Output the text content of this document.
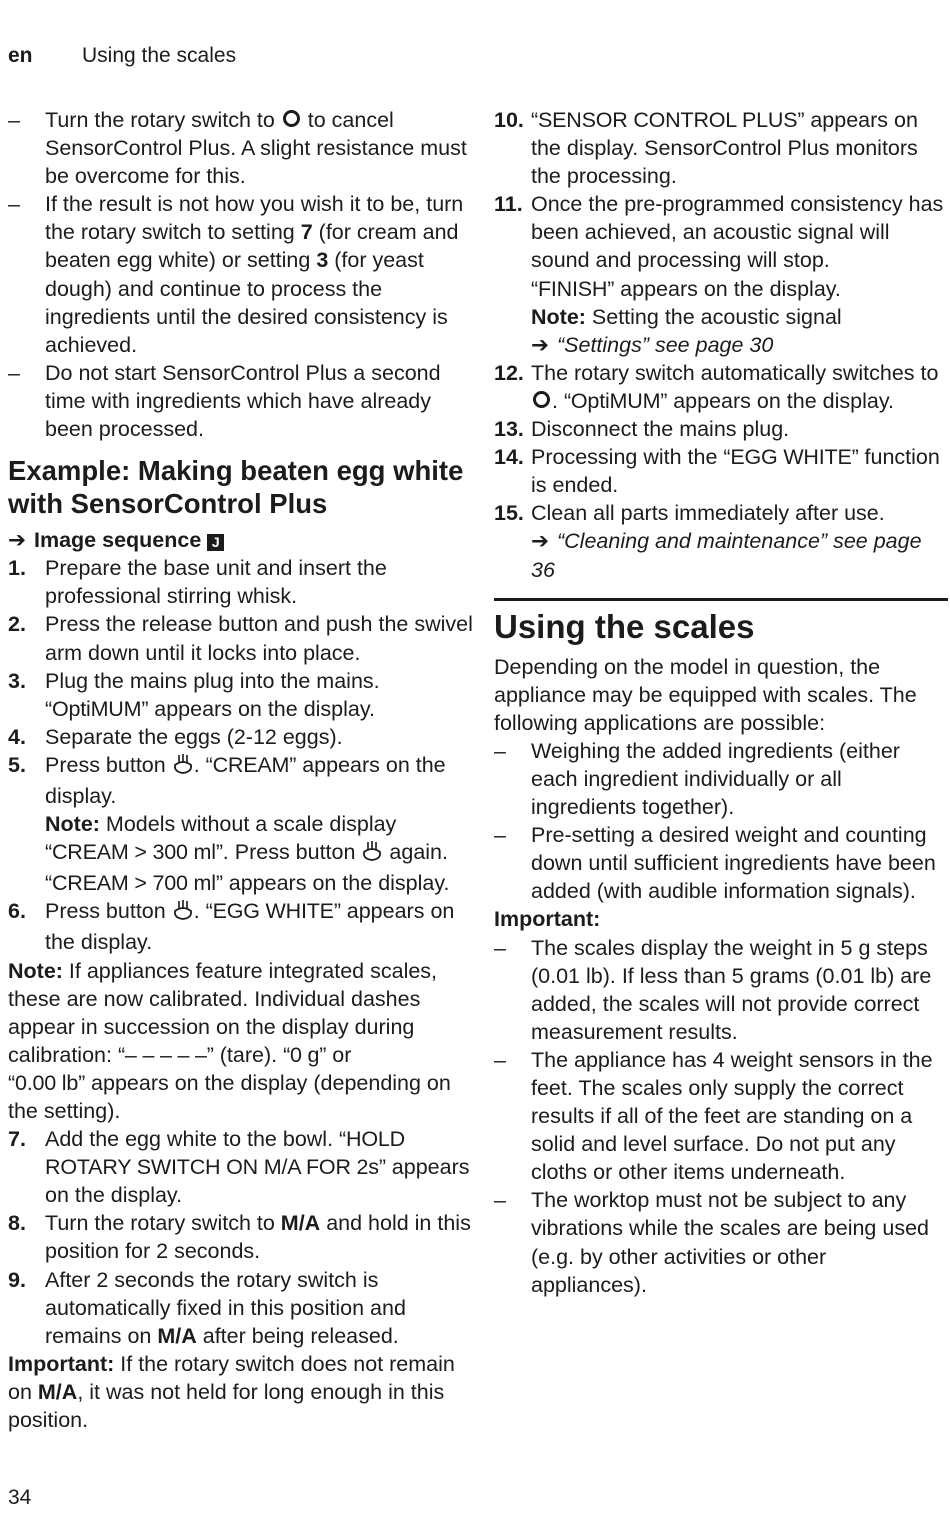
en Using the scales
– Turn the rotary switch to  to cancel SensorControl Plus. A slight resistance must be overcome for this.
– If the result is not how you wish it to be, turn the rotary switch to setting 7 (for cream and beaten egg white) or setting 3 (for yeast dough) and continue to process the ingredients until the desired consistency is achieved.
– Do not start SensorControl Plus a second time with ingredients which have already been processed.
Example: Making beaten egg white with SensorControl Plus
➔ Image sequence J
1. Prepare the base unit and insert the professional stirring whisk.
2. Press the release button and push the swivel arm down until it locks into place.
3. Plug the mains plug into the mains.
“OptiMUM” appears on the display.
4. Separate the eggs (2-12 eggs).
5. Press button . “CREAM” appears on the display.
Note: Models without a scale display “CREAM > 300 ml”. Press button  again. “CREAM > 700 ml” appears on the display.
6. Press button . “EGG WHITE” appears on the display.
Note: If appliances feature integrated scales, these are now calibrated. Individual dashes appear in succession on the display during calibration: “– – – – –” (tare). “0 g” or
“0.00 lb” appears on the display (depending on the setting).
7. Add the egg white to the bowl. “HOLD ROTARY SWITCH ON M/A FOR 2s” appears on the display.
8. Turn the rotary switch to M/A and hold in this position for 2 seconds.
9. After 2 seconds the rotary switch is automatically fixed in this position and remains on M/A after being released.
Important: If the rotary switch does not remain on M/A, it was not held for long enough in this position.
10. “SENSOR CONTROL PLUS” appears on the display. SensorControl Plus monitors the processing.
11. Once the pre-programmed consistency has been achieved, an acoustic signal will sound and processing will stop.
“FINISH” appears on the display.
Note: Setting the acoustic signal
➔ “Settings” see page 30
12. The rotary switch automatically switches to . “OptiMUM” appears on the display.
13. Disconnect the mains plug.
14. Processing with the “EGG WHITE” function is ended.
15. Clean all parts immediately after use.
➔ “Cleaning and maintenance” see page 36
Using the scales
Depending on the model in question, the appliance may be equipped with scales. The following applications are possible:
– Weighing the added ingredients (either each ingredient individually or all ingredients together).
– Pre-setting a desired weight and counting down until sufficient ingredients have been added (with audible information signals).
Important:
– The scales display the weight in 5 g steps (0.01 lb). If less than 5 grams (0.01 lb) are added, the scales will not provide correct measurement results.
– The appliance has 4 weight sensors in the feet. The scales only supply the correct results if all of the feet are standing on a solid and level surface. Do not put any cloths or other items underneath.
– The worktop must not be subject to any vibrations while the scales are being used (e.g. by other activities or other appliances).
34
